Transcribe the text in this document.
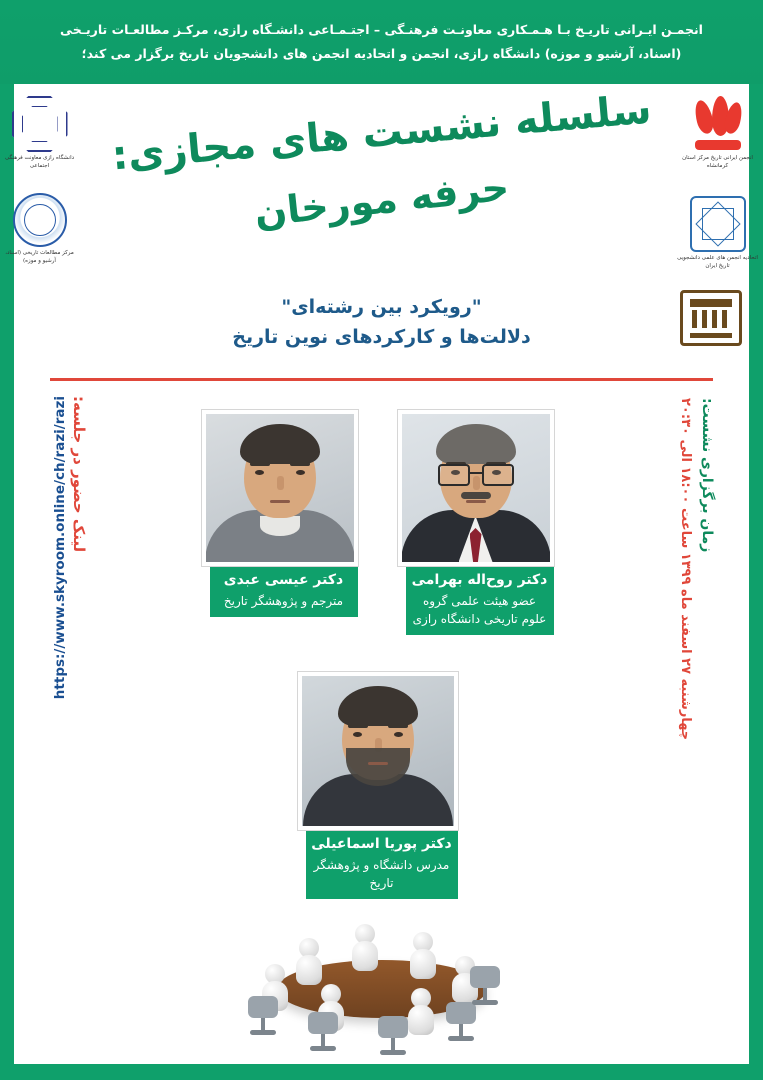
انجمـن ایـرانی تاریـخ بـا هـمـکاری معاونـت فرهنـگی – اجتـمـاعی دانشـگاه رازی، مرکـز مطالعـات تاریـخی
(اسناد، آرشیو و موزه) دانشگاه رازی، انجمن و اتحادیه انجمن های دانشجویان تاریخ برگزار می کند؛
دانشگاه رازی معاونت فرهنگی اجتماعی
مرکز مطالعات تاریخی (اسناد، آرشیو و موزه)
انجمن ایرانی تاریخ مرکز استان کرمانشاه
اتحادیه انجمن های علمی دانشجویی تاریخ ایران
سلسله نشست های مجازی:
حرفه مورخان
"رویکرد بین رشته‌ای"
دلالت‌ها و کارکردهای نوین تاریخ
لینک حضور در جلسه:
https://www.skyroom.online/ch/razi/razi	زمان برگزاری نشست:
چهارشنبه ۲۷ اسفند ماه ۱۳۹۹ ساعت ۱۸:۰۰ الی ۲۰:۳۰
دکتر روح‌اله بهرامی
عضو هیئت علمی گروه علوم تاریخی دانشگاه رازی
دکتر عیسی عبدی
مترجم و پژوهشگر تاریخ
دکتر پوریا اسماعیلی
مدرس دانشگاه و پژوهشگر تاریخ
